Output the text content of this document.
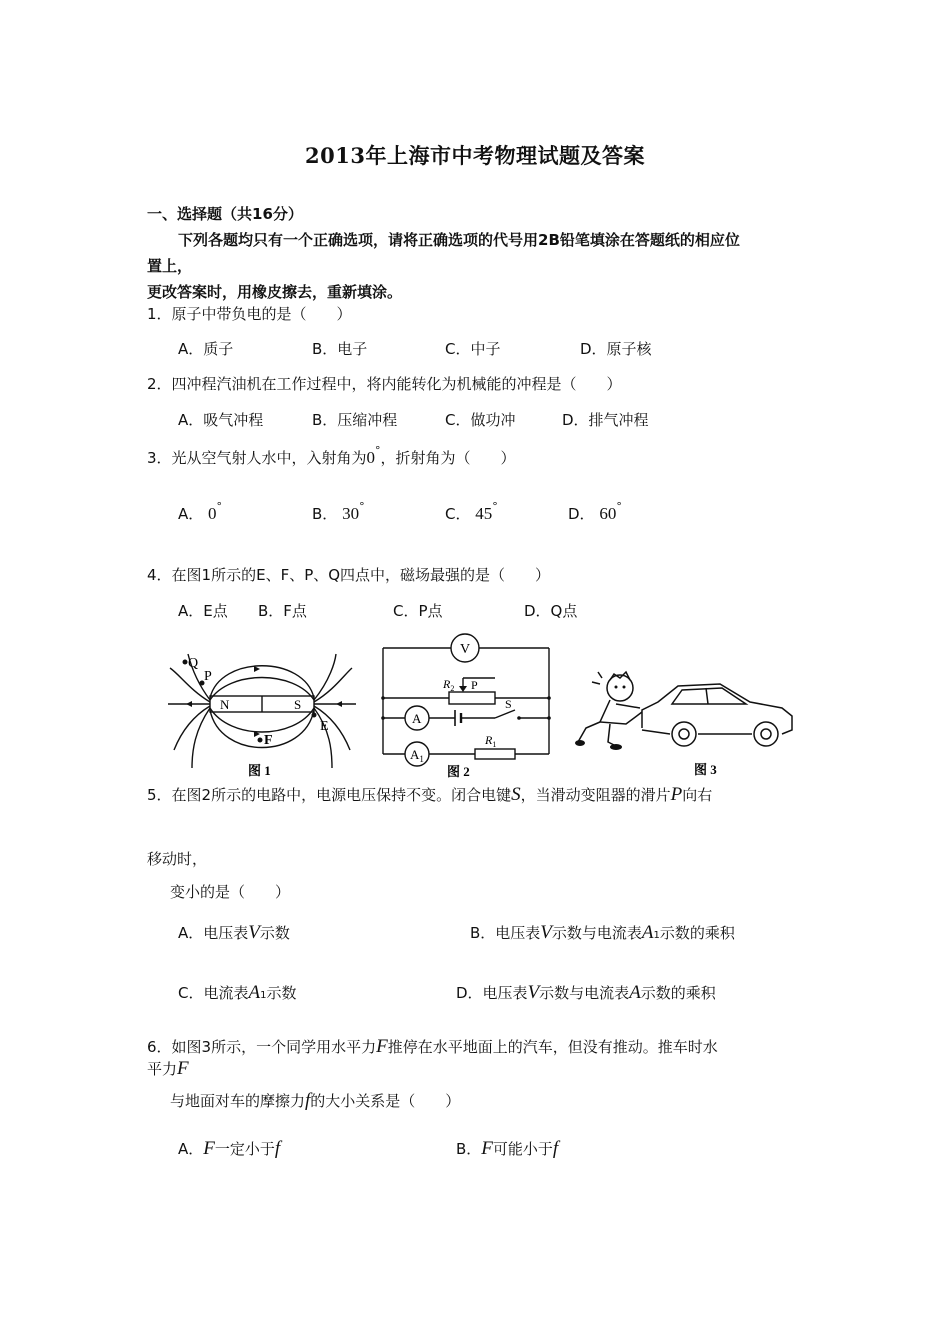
2013年上海市中考物理试题及答案
一、选择题（共16分）
下列各题均只有一个正确选项，请将正确选项的代号用2B铅笔填涂在答题纸的相应位
置上，
更改答案时，用橡皮擦去，重新填涂。
1．原子中带负电的是（　　）
A．质子	B．电子	C．中子	D．原子核
2．四冲程汽油机在工作过程中，将内能转化为机械能的冲程是（　　）
A．吸气冲程	B．压缩冲程	C．做功冲	D．排气冲程
3．光从空气射人水中，入射角为0°，折射角为（　　）
A． 0°	B． 30°	C． 45°	D． 60°
4．在图1所示的E、F、P、Q四点中，磁场最强的是（　　）
A．E点 B．F点	C．P点	D．Q点
N	S
Q
P
E
F
图 1
V
A
$A_1$
$R_2$ P
S
$R_1$
图 2	图 3
5．在图2所示的电路中，电源电压保持不变。闭合电键S，当滑动变阻器的滑片P向右
移动时，
变小的是（　　）
A．电压表V示数	B．电压表V示数与电流表A1示数的乘积
C．电流表A1示数	D．电压表V示数与电流表A示数的乘积
6．如图3所示，一个同学用水平力F推停在水平地面上的汽车，但没有推动。推车时水
平力F
与地面对车的摩擦力f的大小关系是（　　）
A．F一定小于f	B．F可能小于f
